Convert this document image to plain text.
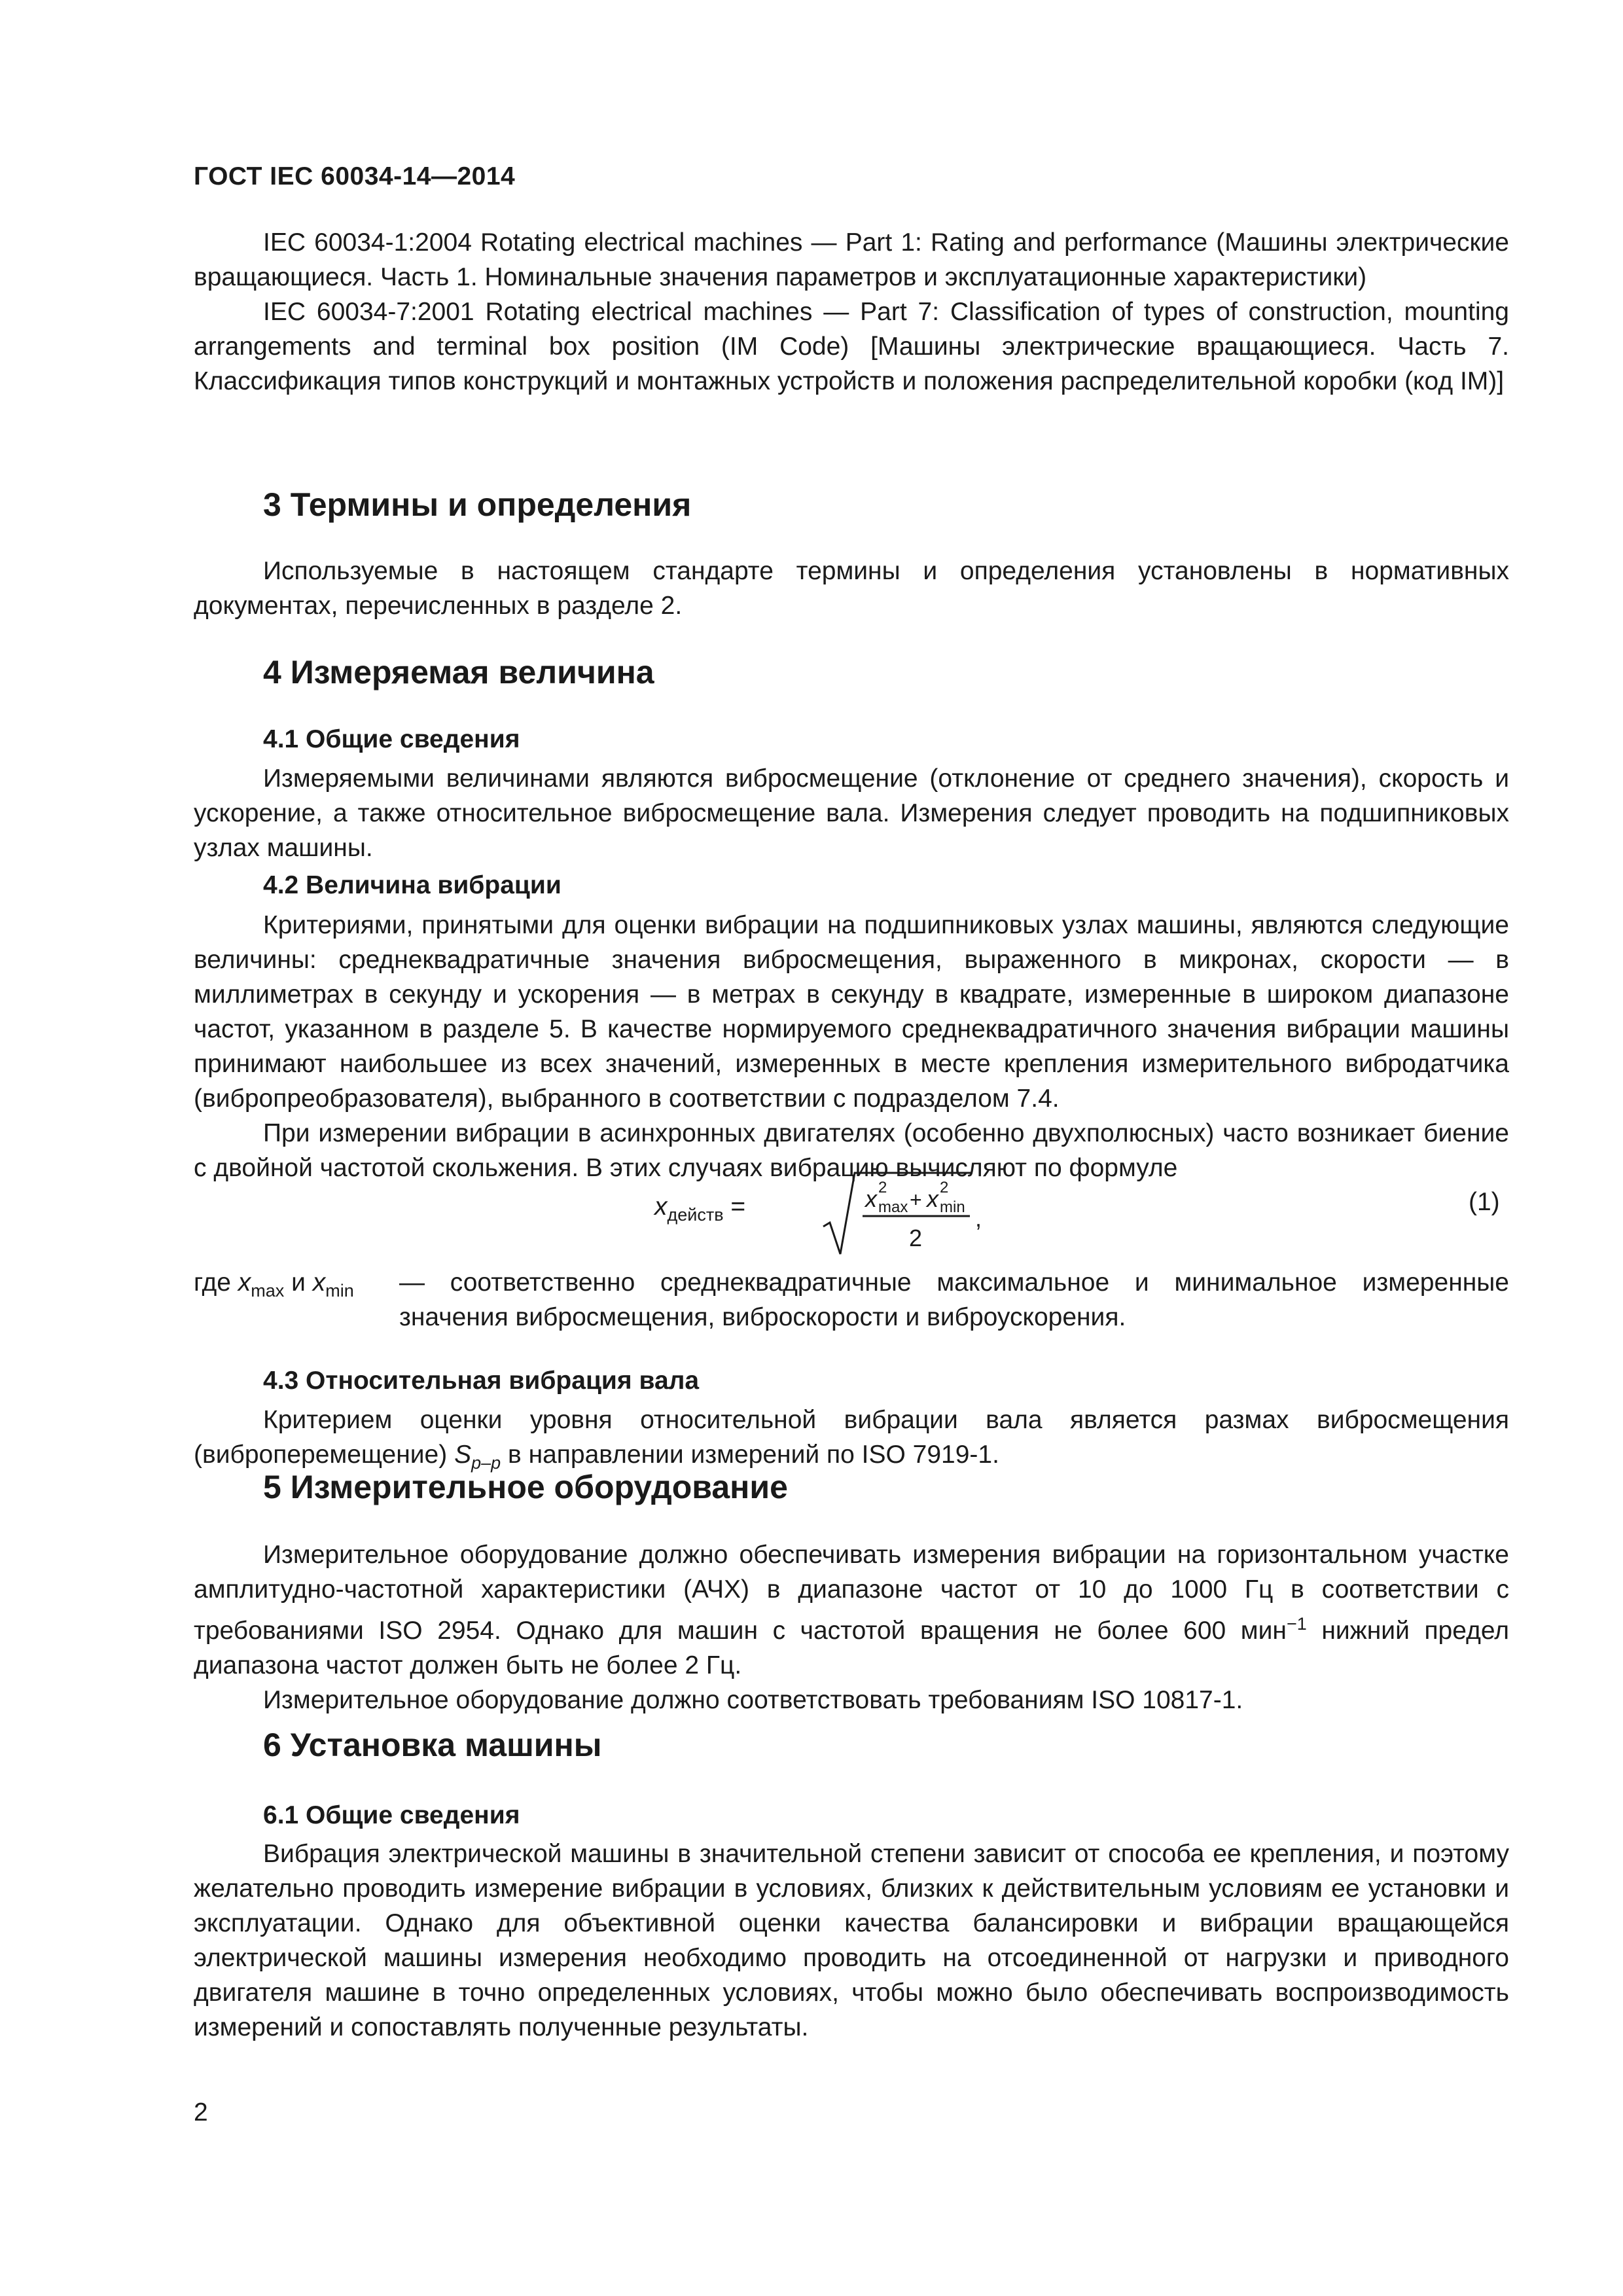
ГОСТ IEC 60034-14—2014

IEC 60034-1:2004 Rotating electrical machines — Part 1: Rating and performance (Машины электрические вращающиеся. Часть 1. Номинальные значения параметров и эксплуатационные характеристики)

IEC 60034-7:2001 Rotating electrical machines — Part 7: Classification of types of construction, mounting arrangements and terminal box position (IM Code) [Машины электрические вращающиеся. Часть 7. Классификация типов конструкций и монтажных устройств и положения распределительной коробки (код IM)]

3 Термины и определения

Используемые в настоящем стандарте термины и определения установлены в нормативных документах, перечисленных в разделе 2.

4 Измеряемая величина
4.1 Общие сведения

Измеряемыми величинами являются вибросмещение (отклонение от среднего значения), скорость и ускорение, а также относительное вибросмещение вала. Измерения следует проводить на подшипниковых узлах машины.

4.2 Величина вибрации

Критериями, принятыми для оценки вибрации на подшипниковых узлах машины, являются следующие величины: среднеквадратичные значения вибросмещения, выраженного в микронах, скорости — в миллиметрах в секунду и ускорения — в метрах в секунду в квадрате, измеренные в широком диапазоне частот, указанном в разделе 5. В качестве нормируемого среднеквадратичного значения вибрации машины принимают наибольшее из всех значений, измеренных в месте крепления измерительного вибродатчика (вибропреобразователя), выбранного в соответствии с подразделом 7.4.

При измерении вибрации в асинхронных двигателях (особенно двухполюсных) часто возникает биение с двойной частотой скольжения. В этих случаях вибрацию вычисляют по формуле

$x_{действ}$ =	x 2
max + x 2
min
2
,
(1)
где $x_{max}$ и $x_{min}$	— соответственно среднеквадратичные максимальное и минимальное измеренные значения вибросмещения, виброскорости и виброускорения.
4.3 Относительная вибрация вала

Критерием оценки уровня относительной вибрации вала является размах вибросмещения (виброперемещение) $S_{p-p}$ в направлении измерений по ISO 7919-1.

5 Измерительное оборудование

Измерительное оборудование должно обеспечивать измерения вибрации на горизонтальном участке амплитудно-частотной характеристики (АЧХ) в диапазоне частот от 10 до 1000 Гц в соответствии с требованиями ISO 2954. Однако для машин с частотой вращения не более 600 мин$^{-1}$ нижний предел диапазона частот должен быть не более 2 Гц.

Измерительное оборудование должно соответствовать требованиям ISO 10817-1.

6 Установка машины
6.1 Общие сведения

Вибрация электрической машины в значительной степени зависит от способа ее крепления, и поэтому желательно проводить измерение вибрации в условиях, близких к действительным условиям ее установки и эксплуатации. Однако для объективной оценки качества балансировки и вибрации вращающейся электрической машины измерения необходимо проводить на отсоединенной от нагрузки и приводного двигателя машине в точно определенных условиях, чтобы можно было обеспечивать воспроизводимость измерений и сопоставлять полученные результаты.

2
